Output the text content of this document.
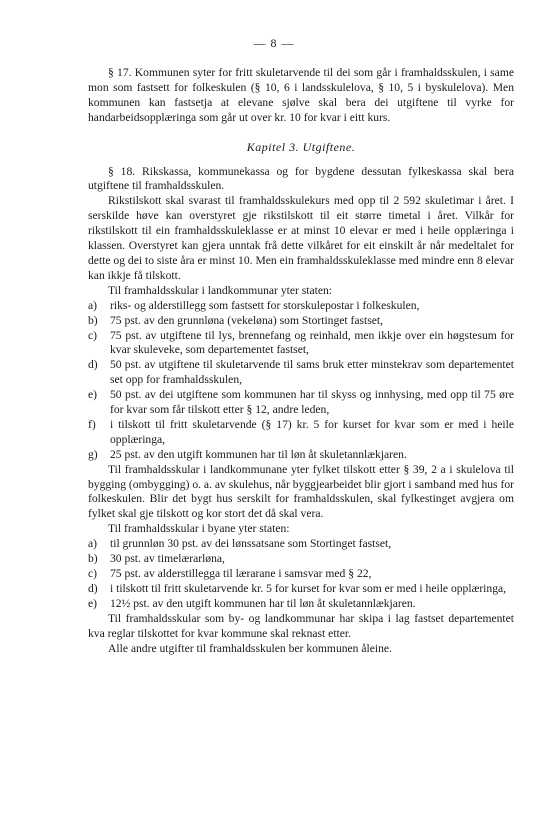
— 8 —

§ 17. Kommunen syter for fritt skuletarvende til dei som går i framhaldsskulen, i same mon som fastsett for folkeskulen (§ 10, 6 i landsskulelova, § 10, 5 i byskulelova). Men kommunen kan fastsetja at elevane sjølve skal bera dei utgiftene til vyrke for handarbeidsopplæringa som går ut over kr. 10 for kvar i eitt kurs.

Kapitel 3. Utgiftene.

§ 18. Rikskassa, kommunekassa og for bygdene dessutan fylkeskassa skal bera utgiftene til framhaldsskulen.

Rikstilskott skal svarast til framhaldsskulekurs med opp til 2 592 skuletimar i året. I serskilde høve kan overstyret gje rikstilskott til eit større timetal i året. Vilkår for rikstilskott til ein framhaldsskuleklasse er at minst 10 elevar er med i heile opplæringa i klassen. Overstyret kan gjera unntak frå dette vilkåret for eit einskilt år når medeltalet for dette og dei to siste åra er minst 10. Men ein framhaldsskuleklasse med mindre enn 8 elevar kan ikkje få tilskott.

Til framhaldsskular i landkommunar yter staten:

a) riks- og alderstillegg som fastsett for storskulepostar i folkeskulen,
b) 75 pst. av den grunnløna (vekeløna) som Stortinget fastset,
c) 75 pst. av utgiftene til lys, brennefang og reinhald, men ikkje over ein høgstesum for kvar skuleveke, som departementet fastset,
d) 50 pst. av utgiftene til skuletarvende til sams bruk etter minstekrav som departementet set opp for framhaldsskulen,
e) 50 pst. av dei utgiftene som kommunen har til skyss og innhysing, med opp til 75 øre for kvar som får tilskott etter § 12, andre leden,
f) i tilskott til fritt skuletarvende (§ 17) kr. 5 for kurset for kvar som er med i heile opplæringa,
g) 25 pst. av den utgift kommunen har til løn åt skuletannlækjaren.

Til framhaldsskular i landkommunane yter fylket tilskott etter § 39, 2 a i skulelova til bygging (ombygging) o. a. av skulehus, når byggjearbeidet blir gjort i samband med hus for folkeskulen. Blir det bygt hus serskilt for framhaldsskulen, skal fylkestinget avgjera om fylket skal gje tilskott og kor stort det då skal vera.

Til framhaldsskular i byane yter staten:

a) til grunnløn 30 pst. av dei lønssatsane som Stortinget fastset,
b) 30 pst. av timelærarløna,
c) 75 pst. av alderstillegga til lærarane i samsvar med § 22,
d) i tilskott til fritt skuletarvende kr. 5 for kurset for kvar som er med i heile opplæringa,
e) 12½ pst. av den utgift kommunen har til løn åt skuletannlækjaren.

Til framhaldsskular som by- og landkommunar har skipa i lag fastset departementet kva reglar tilskottet for kvar kommune skal reknast etter.

Alle andre utgifter til framhaldsskulen ber kommunen åleine.
